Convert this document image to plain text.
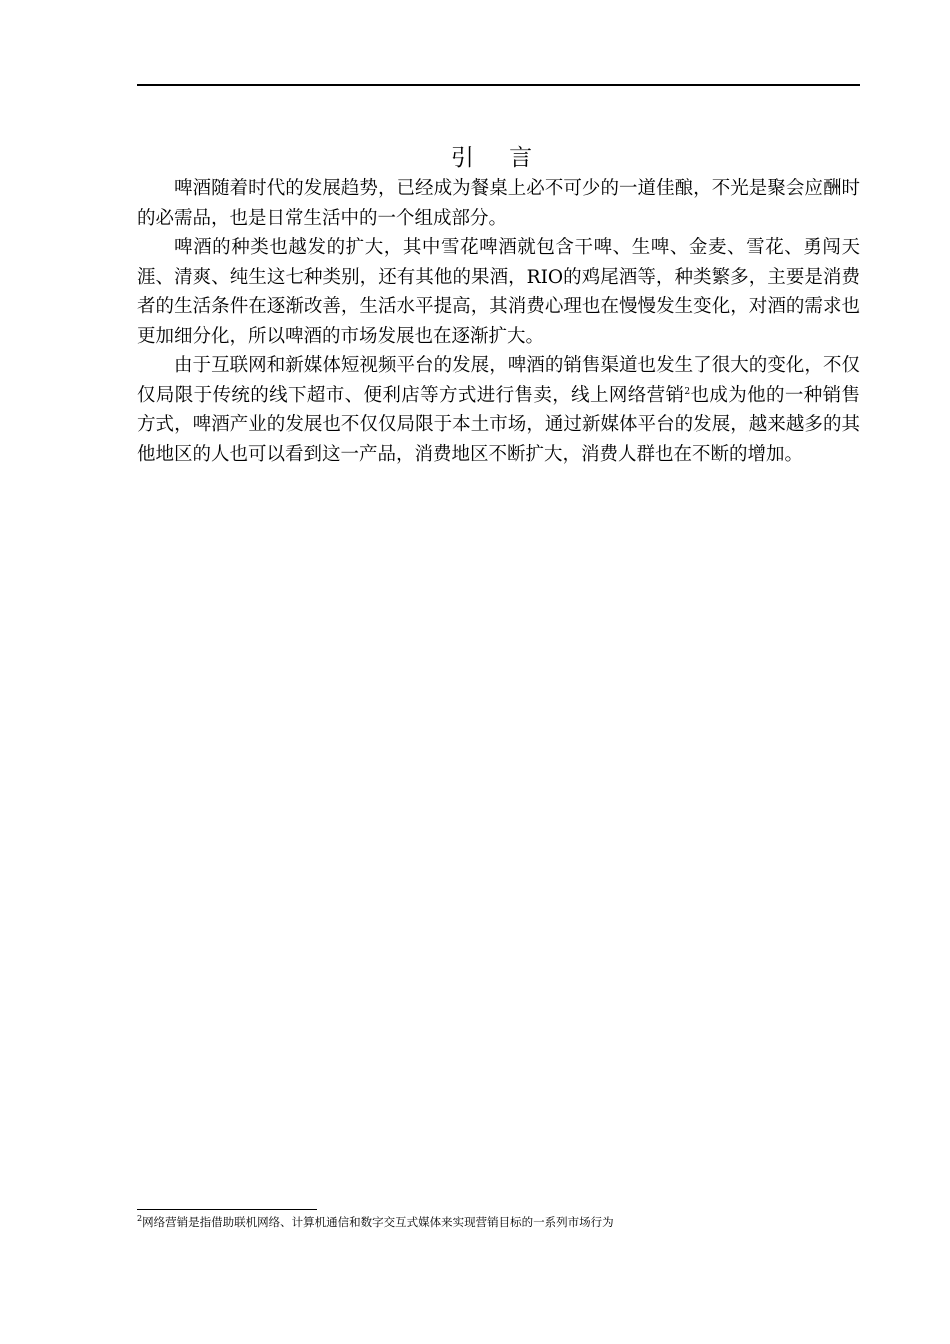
引 言

啤酒随着时代的发展趋势，已经成为餐桌上必不可少的一道佳酿，不光是聚会应酬时的必需品，也是日常生活中的一个组成部分。

啤酒的种类也越发的扩大，其中雪花啤酒就包含干啤、生啤、金麦、雪花、勇闯天涯、清爽、纯生这七种类别，还有其他的果酒，RIO的鸡尾酒等，种类繁多，主要是消费者的生活条件在逐渐改善，生活水平提高，其消费心理也在慢慢发生变化，对酒的需求也更加细分化，所以啤酒的市场发展也在逐渐扩大。

由于互联网和新媒体短视频平台的发展，啤酒的销售渠道也发生了很大的变化，不仅仅局限于传统的线下超市、便利店等方式进行售卖，线上网络营销$^2$也成为他的一种销售方式，啤酒产业的发展也不仅仅局限于本土市场，通过新媒体平台的发展，越来越多的其他地区的人也可以看到这一产品，消费地区不断扩大，消费人群也在不断的增加。

$^2$网络营销是指借助联机网络、计算机通信和数字交互式媒体来实现营销目标的一系列市场行为
